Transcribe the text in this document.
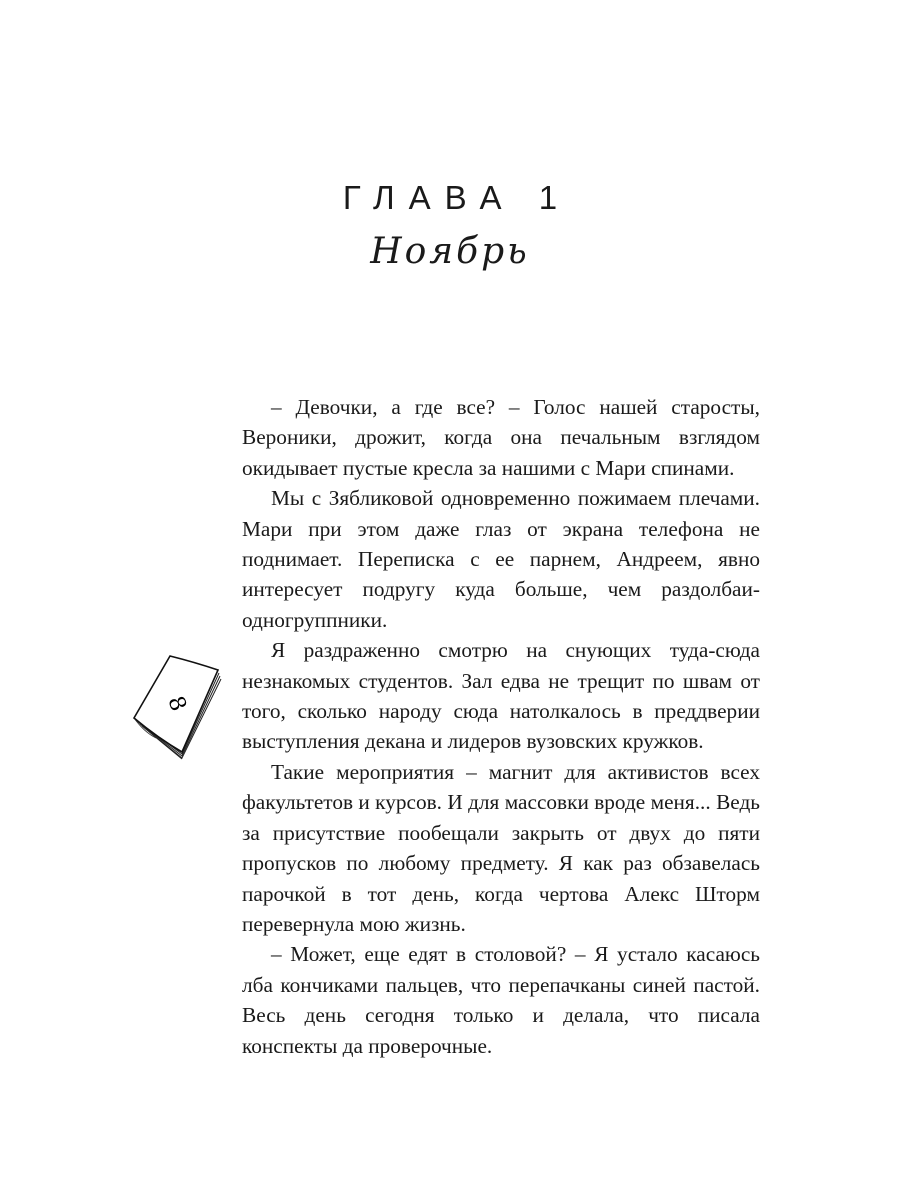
ГЛАВА 1
Ноябрь

– Девочки, а где все? – Голос нашей старосты, Вероники, дрожит, когда она печальным взглядом окидывает пустые кресла за нашими с Мари спинами.

Мы с Зябликовой одновременно пожимаем плечами. Мари при этом даже глаз от экрана телефона не поднимает. Переписка с ее парнем, Андреем, явно интересует подругу куда больше, чем раздолбаи-одногруппники.

Я раздраженно смотрю на снующих туда-сюда незнакомых студентов. Зал едва не трещит по швам от того, сколько народу сюда натолкалось в преддверии выступления декана и лидеров вузовских кружков.

Такие мероприятия – магнит для активистов всех факультетов и курсов. И для массовки вроде меня... Ведь за присутствие пообещали закрыть от двух до пяти пропусков по любому предмету. Я как раз обзавелась парочкой в тот день, когда чертова Алекс Шторм перевернула мою жизнь.

– Может, еще едят в столовой? – Я устало касаюсь лба кончиками пальцев, что перепачканы синей пастой. Весь день сегодня только и делала, что писала конспекты да проверочные.

8
